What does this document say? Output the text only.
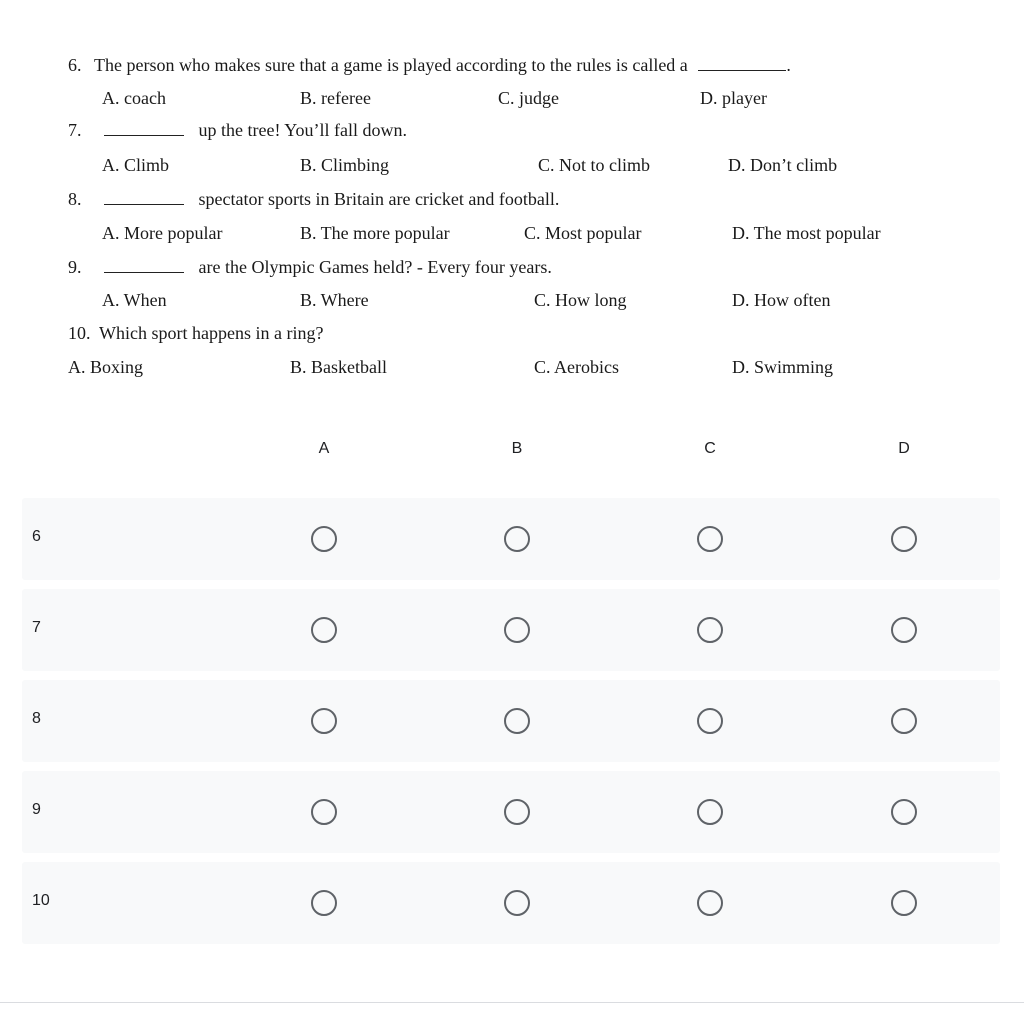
6. The person who makes sure that a game is played according to the rules is called a	.
A. coach	B. referee	C. judge	D. player
7.	up the tree! You’ll fall down.
A. Climb	B. Climbing	C. Not to climb	D. Don’t climb
8.	spectator sports in Britain are cricket and football.
A. More popular	B. The more popular	C. Most popular	D. The most popular
9.	are the Olympic Games held? - Every four years.
A. When	B. Where	C. How long	D. How often
10. Which sport happens in a ring?
A. Boxing	B. Basketball	C. Aerobics	D. Swimming
A	B	C	D
6
7
8
9
10
